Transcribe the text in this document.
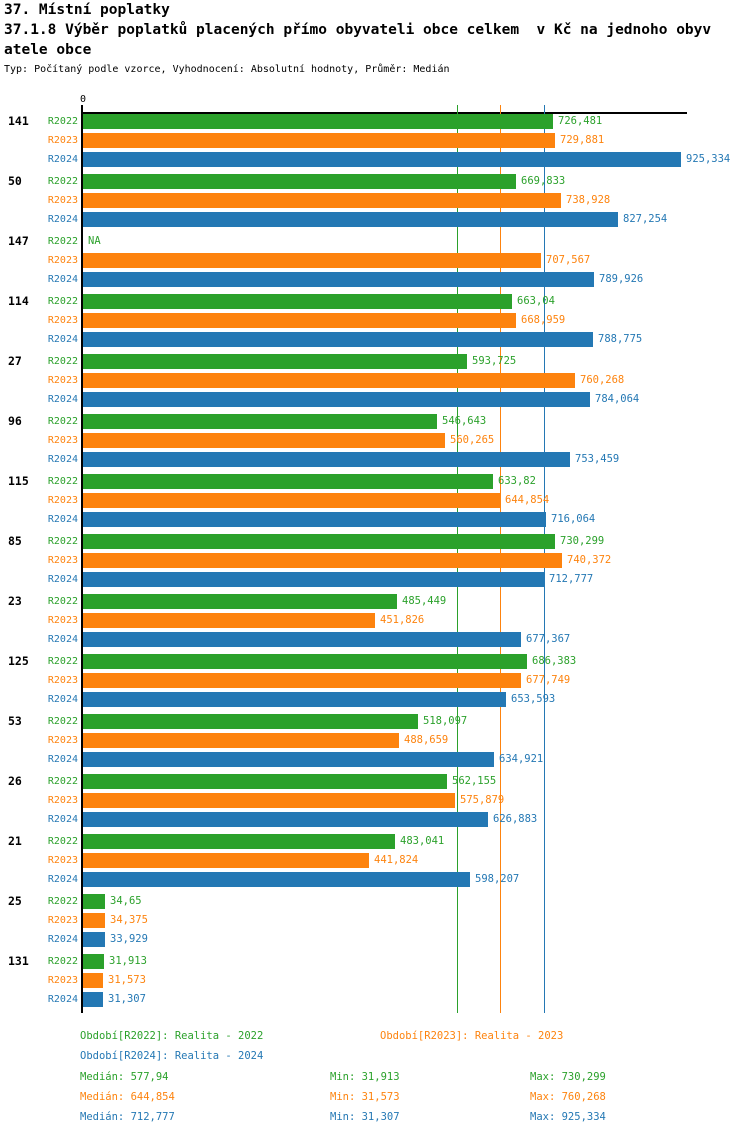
37. Místní poplatky
37.1.8 Výběr poplatků placených přímo obyvateli obce celkem  v Kč na jednoho obyv
atele obce
Typ: Počítaný podle vzorce, Vyhodnocení: Absolutní hodnoty, Průměr: Medián
0
141	R2022	726,481
R2023	729,881
R2024	925,334
50	R2022	669,833
R2023	738,928
R2024	827,254
147	R2022 NA
R2023	707,567
R2024	789,926
114	R2022	663,04
R2023	668,959
R2024	788,775
27	R2022	593,725
R2023	760,268
R2024	784,064
96	R2022	546,643
R2023	560,265
R2024	753,459
115	R2022	633,82
R2023	644,854
R2024	716,064
85	R2022	730,299
R2023	740,372
R2024	712,777
23	R2022	485,449
R2023	451,826
R2024	677,367
125	R2022	686,383
R2023	677,749
R2024	653,593
53	R2022	518,097
R2023	488,659
R2024	634,921
26	R2022	562,155
R2023	575,879
R2024	626,883
21	R2022	483,041
R2023	441,824
R2024	598,207
25	R2022	34,65
R2023	34,375
R2024	33,929
131	R2022	31,913
R2023	31,573
R2024	31,307
Období[R2022]: Realita - 2022	Období[R2023]: Realita - 2023
Období[R2024]: Realita - 2024
Medián: 577,94	Min: 31,913	Max: 730,299
Medián: 644,854	Min: 31,573	Max: 760,268
Medián: 712,777	Min: 31,307	Max: 925,334
